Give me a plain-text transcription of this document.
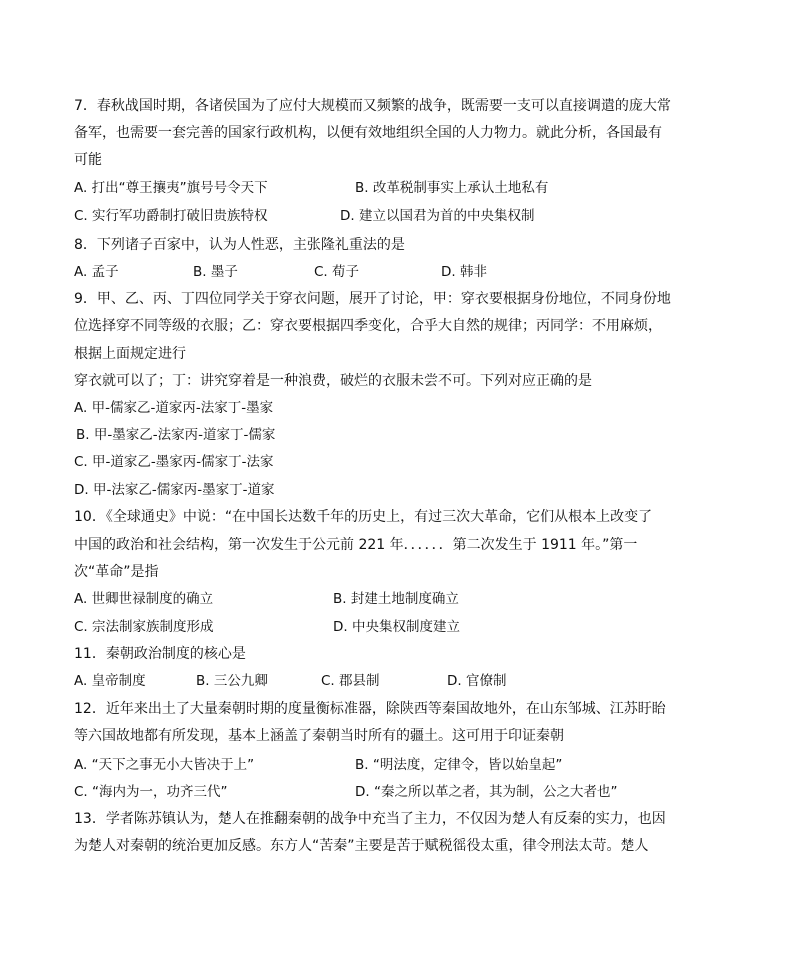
7．春秋战国时期，各诸侯国为了应付大规模而又频繁的战争，既需要一支可以直接调遣的庞大常
备军，也需要一套完善的国家行政机构，以便有效地组织全国的人力物力。就此分析，各国最有
可能
A. 打出“尊王攘夷”旗号号令天下	B. 改革税制事实上承认土地私有
C. 实行军功爵制打破旧贵族特权	D. 建立以国君为首的中央集权制
8．下列诸子百家中，认为人性恶，主张隆礼重法的是
A. 孟子	B. 墨子	C. 荀子	D. 韩非
9．甲、乙、丙、丁四位同学关于穿衣问题，展开了讨论，甲：穿衣要根据身份地位，不同身份地
位选择穿不同等级的衣服；乙：穿衣要根据四季变化，合乎大自然的规律；丙同学：不用麻烦，
根据上面规定进行
穿衣就可以了；丁：讲究穿着是一种浪费，破烂的衣服未尝不可。下列对应正确的是
A. 甲-儒家乙-道家丙-法家丁-墨家
B. 甲-墨家乙-法家丙-道家丁-儒家
C. 甲-道家乙-墨家丙-儒家丁-法家
D. 甲-法家乙-儒家丙-墨家丁-道家
10．《全球通史》中说：“在中国长达数千年的历史上，有过三次大革命，它们从根本上改变了
中国的政治和社会结构，第一次发生于公元前 221 年．．．．．．第二次发生于 1911 年。”第一
次“革命”是指
A. 世卿世禄制度的确立	B. 封建土地制度确立
C. 宗法制家族制度形成	D. 中央集权制度建立
11．秦朝政治制度的核心是
A. 皇帝制度	B. 三公九卿	C. 郡县制	D. 官僚制
12．近年来出土了大量秦朝时期的度量衡标准器，除陕西等秦国故地外，在山东邹城、江苏盱眙
等六国故地都有所发现，基本上涵盖了秦朝当时所有的疆土。这可用于印证秦朝
A. “天下之事无小大皆决于上”	B. “明法度，定律令，皆以始皇起”
C. “海内为一，功齐三代”	D. “秦之所以革之者，其为制，公之大者也”
13．学者陈苏镇认为，楚人在推翻秦朝的战争中充当了主力，不仅因为楚人有反秦的实力，也因
为楚人对秦朝的统治更加反感。东方人“苦秦”主要是苦于赋税徭役太重，律令刑法太苛。楚人
